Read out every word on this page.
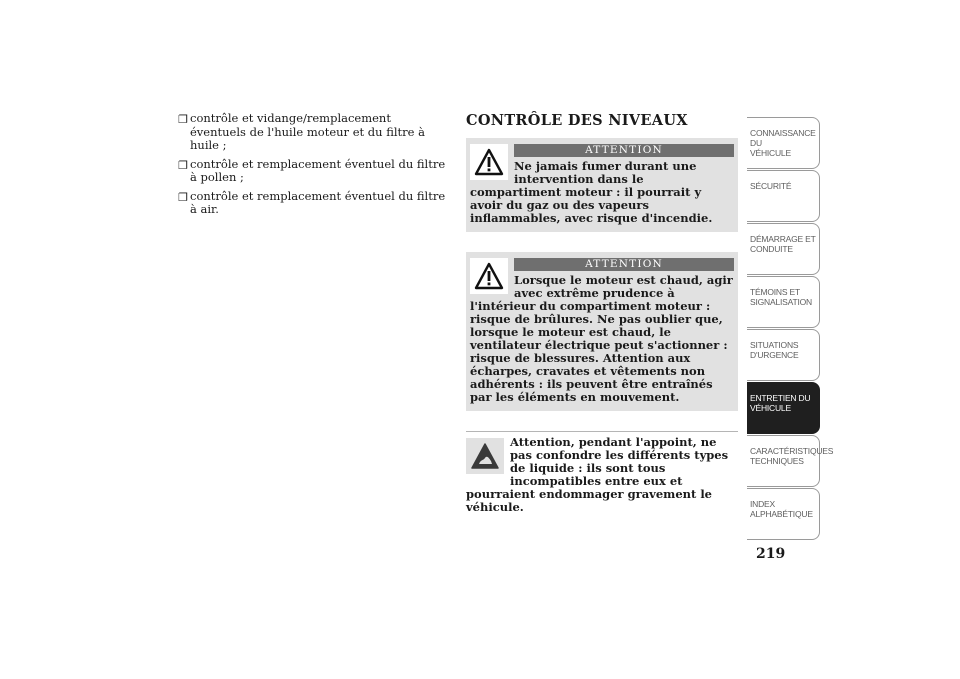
❐ contrôle et vidange/remplacement éventuels de l'huile moteur et du filtre à huile ;
❐ contrôle et remplacement éventuel du filtre à pollen ;
❐ contrôle et remplacement éventuel du filtre à air.
CONTRÔLE DES NIVEAUX
ATTENTION
Ne jamais fumer durant une intervention dans le compartiment moteur : il pourrait y avoir du gaz ou des vapeurs inflammables, avec risque d'incendie.
ATTENTION
Lorsque le moteur est chaud, agir avec extrême prudence à l'intérieur du compartiment moteur : risque de brûlures. Ne pas oublier que, lorsque le moteur est chaud, le ventilateur électrique peut s'actionner : risque de blessures. Attention aux écharpes, cravates et vêtements non adhérents : ils peuvent être entraînés par les éléments en mouvement.
Attention, pendant l'appoint, ne pas confondre les différents types de liquide : ils sont tous incompatibles entre eux et pourraient endommager gravement le véhicule.
CONNAISSANCE DU
VÉHICULE
SÉCURITÉ
DÉMARRAGE ET
CONDUITE
TÉMOINS ET
SIGNALISATION
SITUATIONS
D'URGENCE
ENTRETIEN DU
VÉHICULE
CARACTÉRISTIQUES
TECHNIQUES
INDEX
ALPHABÉTIQUE
219
